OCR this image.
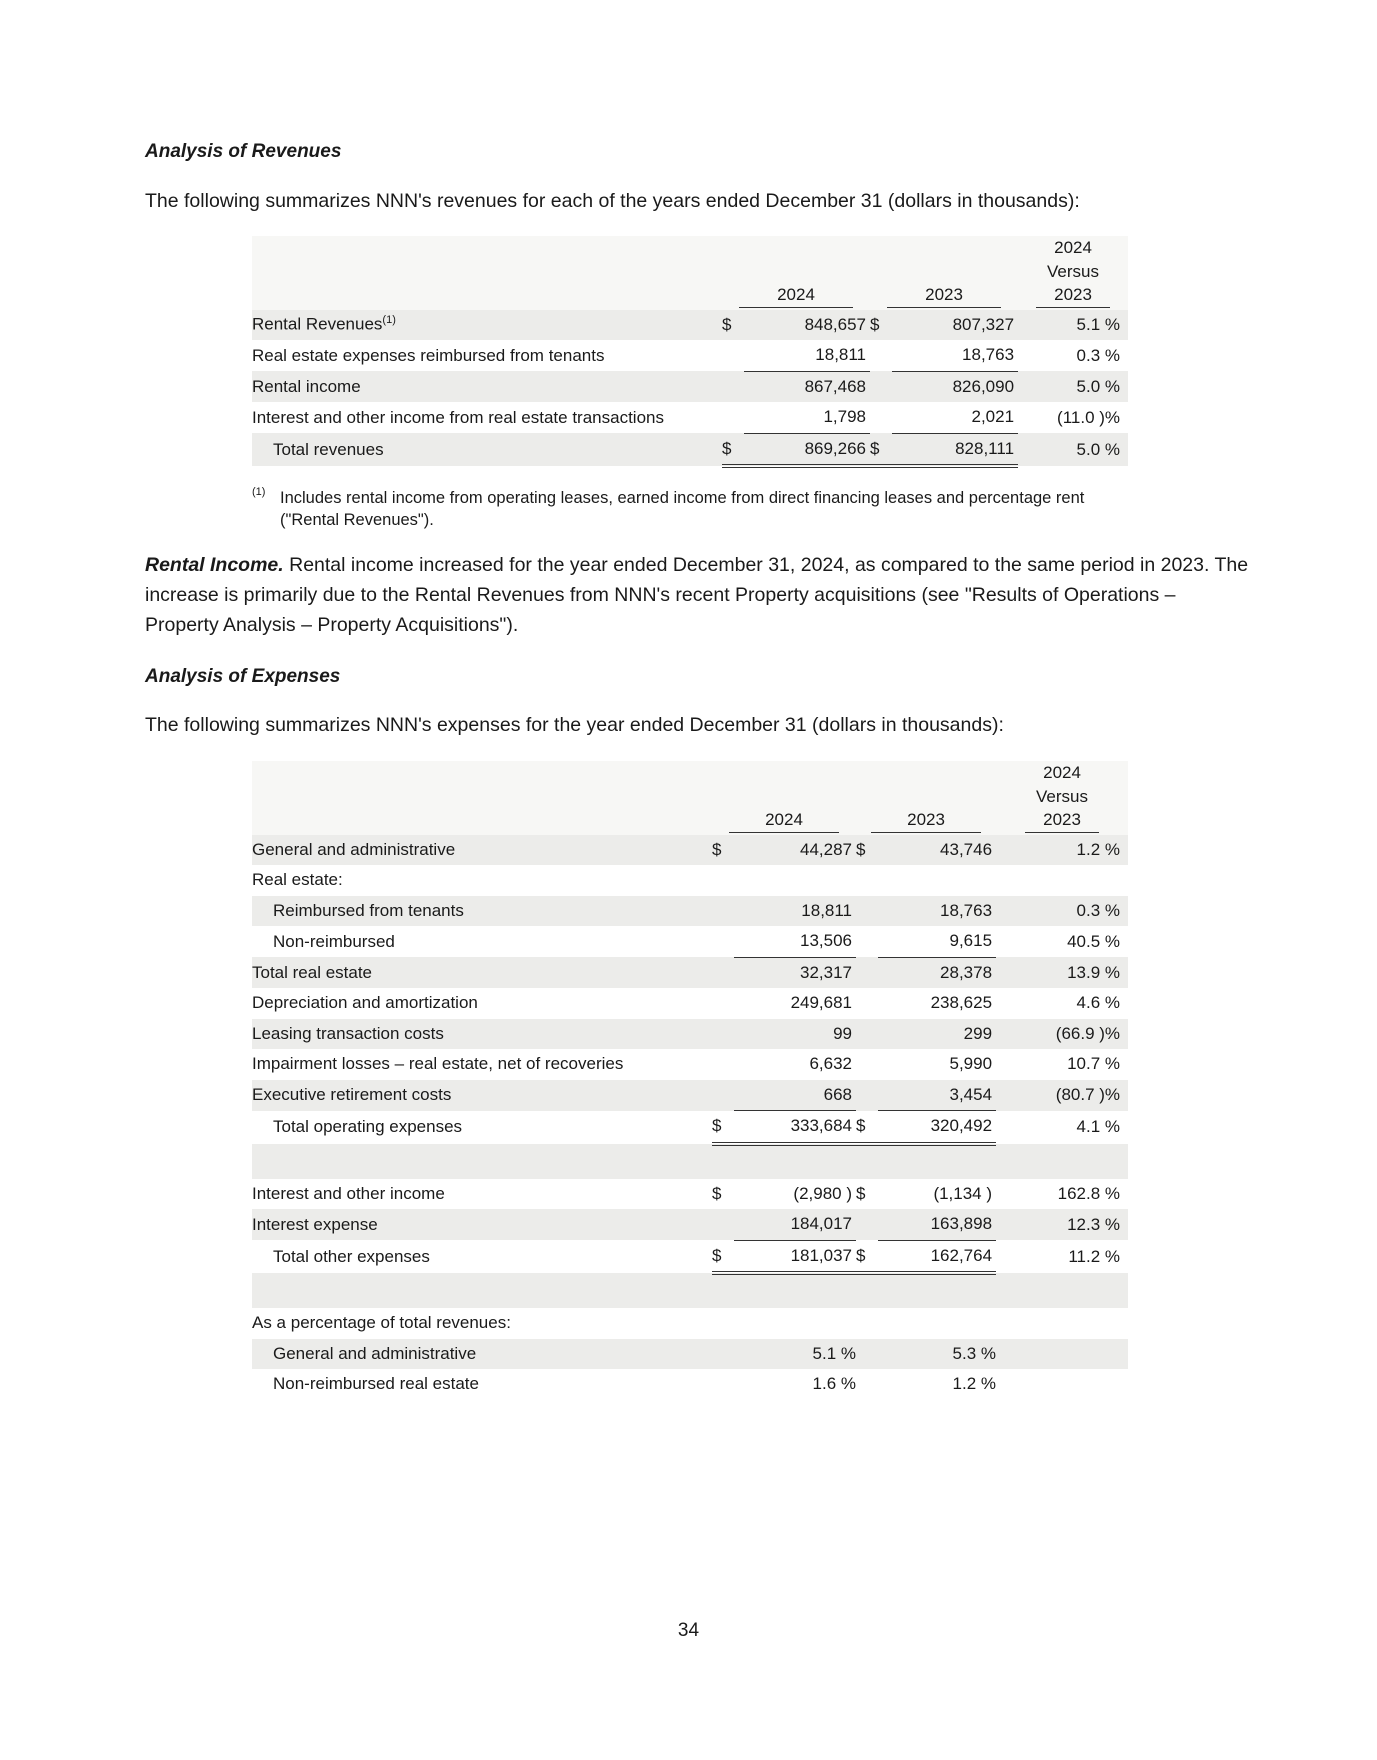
Analysis of Revenues
The following summarizes NNN's revenues for each of the years ended December 31 (dollars in thousands):
	2024		2023		2024
Versus
2023

Rental Revenues$^{(1)}$	$	848,657	$	807,327	5.1 %
Real estate expenses reimbursed from tenants		18,811		18,763	0.3 %
Rental income		867,468		826,090	5.0 %
Interest and other income from real estate transactions		1,798		2,021	(11.0 )%
Total revenues	$	869,266	$	828,111	5.0 %
(1) Includes rental income from operating leases, earned income from direct financing leases and percentage rent ("Rental Revenues").
Rental Income. Rental income increased for the year ended December 31, 2024, as compared to the same period in 2023. The increase is primarily due to the Rental Revenues from NNN's recent Property acquisitions (see "Results of Operations – Property Analysis – Property Acquisitions").
Analysis of Expenses
The following summarizes NNN's expenses for the year ended December 31 (dollars in thousands):
	2024		2023		2024
Versus
2023

General and administrative	$	44,287	$	43,746	1.2 %
Real estate:					
Reimbursed from tenants		18,811		18,763	0.3 %
Non-reimbursed		13,506		9,615	40.5 %
Total real estate		32,317		28,378	13.9 %
Depreciation and amortization		249,681		238,625	4.6 %
Leasing transaction costs		99		299	(66.9 )%
Impairment losses – real estate, net of recoveries		6,632		5,990	10.7 %
Executive retirement costs		668		3,454	(80.7 )%
Total operating expenses	$	333,684	$	320,492	4.1 %

Interest and other income	$	(2,980 )	$	(1,134 )	162.8 %
Interest expense		184,017		163,898	12.3 %
Total other expenses	$	181,037	$	162,764	11.2 %

As a percentage of total revenues:					
General and administrative		5.1 %		5.3 %	
Non-reimbursed real estate		1.6 %		1.2 %	
34
